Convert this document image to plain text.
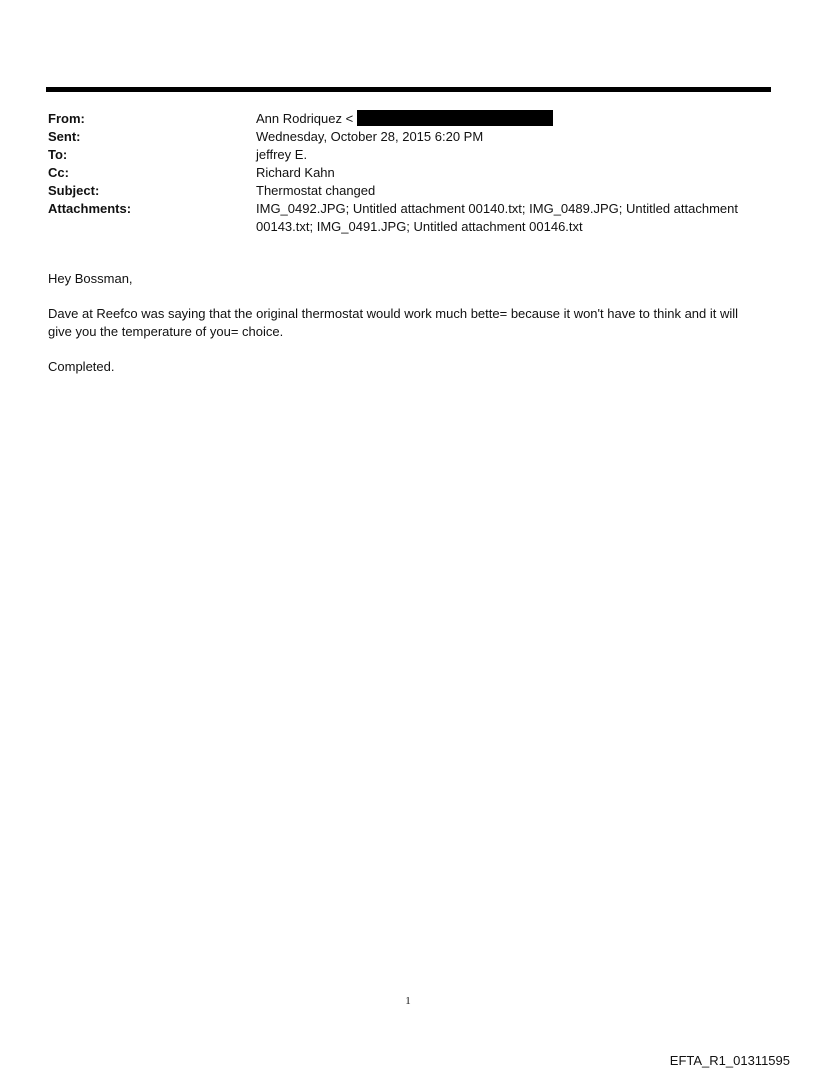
From:	Ann Rodriquez <
Sent:	Wednesday, October 28, 2015 6:20 PM
To:	jeffrey E.
Cc:	Richard Kahn
Subject:	Thermostat changed
Attachments:	IMG_0492.JPG; Untitled attachment 00140.txt; IMG_0489.JPG; Untitled attachment 00143.txt; IMG_0491.JPG; Untitled attachment 00146.txt

Hey Bossman,

Dave at Reefco was saying that the original thermostat would work much bette= because it won't have to think and it will give you the temperature of you= choice.

Completed.

1
EFTA_R1_01311595
